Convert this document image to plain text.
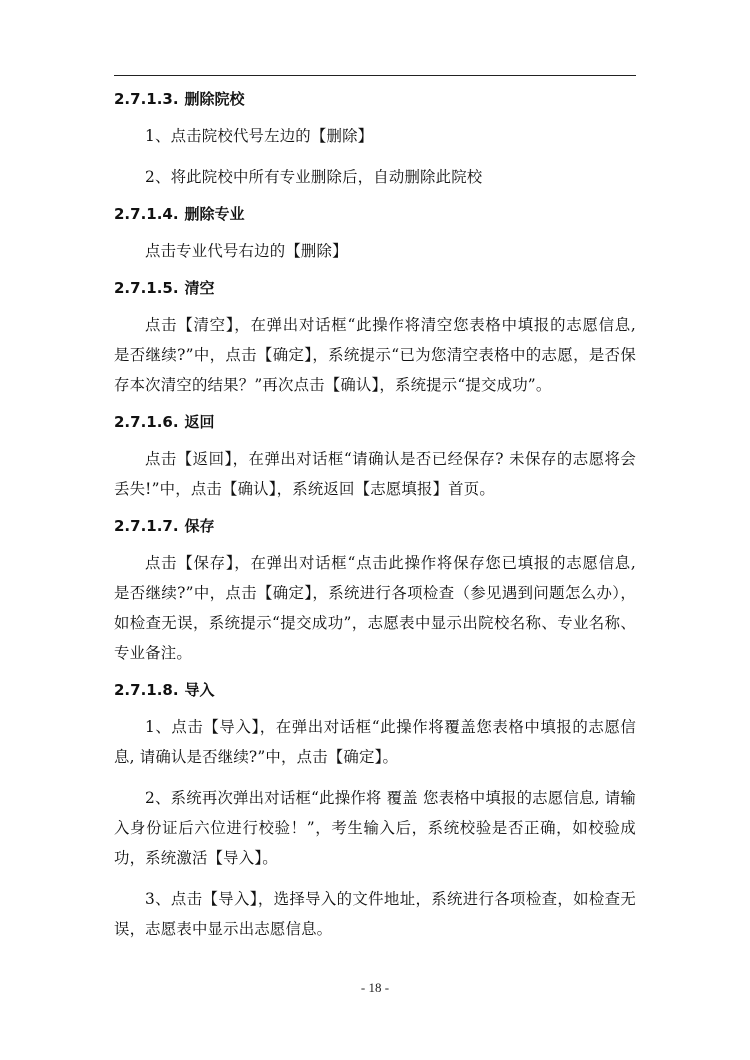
2.7.1.3. 删除院校

1、点击院校代号左边的【删除】

2、将此院校中所有专业删除后，自动删除此院校

2.7.1.4. 删除专业

点击专业代号右边的【删除】

2.7.1.5. 清空

点击【清空】，在弹出对话框“此操作将清空您表格中填报的志愿信息, 是否继续?”中，点击【确定】，系统提示“已为您清空表格中的志愿，是否保存本次清空的结果？”再次点击【确认】，系统提示“提交成功”。

2.7.1.6. 返回

点击【返回】，在弹出对话框“请确认是否已经保存? 未保存的志愿将会丢失!”中，点击【确认】，系统返回【志愿填报】首页。

2.7.1.7. 保存

点击【保存】，在弹出对话框“点击此操作将保存您已填报的志愿信息, 是否继续?”中，点击【确定】，系统进行各项检查（参见遇到问题怎么办），如检查无误，系统提示“提交成功”，志愿表中显示出院校名称、专业名称、专业备注。

2.7.1.8. 导入

1、点击【导入】，在弹出对话框“此操作将覆盖您表格中填报的志愿信息, 请确认是否继续?”中，点击【确定】。

2、系统再次弹出对话框“此操作将 覆盖 您表格中填报的志愿信息, 请输入身份证后六位进行校验！”，考生输入后，系统校验是否正确，如校验成功，系统激活【导入】。

3、点击【导入】，选择导入的文件地址，系统进行各项检查，如检查无误，志愿表中显示出志愿信息。

- 18 -
